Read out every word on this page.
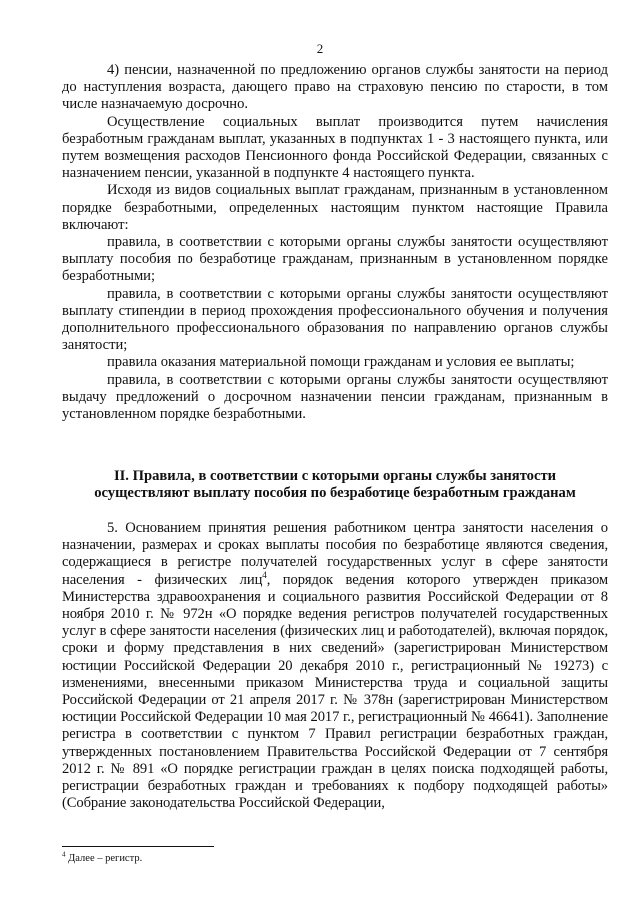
2

4) пенсии, назначенной по предложению органов службы занятости на период до наступления возраста, дающего право на страховую пенсию по старости, в том числе назначаемую досрочно.

Осуществление социальных выплат производится путем начисления безработным гражданам выплат, указанных в подпунктах 1 - 3 настоящего пункта, или путем возмещения расходов Пенсионного фонда Российской Федерации, связанных с назначением пенсии, указанной в подпункте 4 настоящего пункта.

Исходя из видов социальных выплат гражданам, признанным в установленном порядке безработными, определенных настоящим пунктом настоящие Правила включают:

правила, в соответствии с которыми органы службы занятости осуществляют выплату пособия по безработице гражданам, признанным в установленном порядке безработными;

правила, в соответствии с которыми органы службы занятости осуществляют выплату стипендии в период прохождения профессионального обучения и получения дополнительного профессионального образования по направлению органов службы занятости;

правила оказания материальной помощи гражданам и условия ее выплаты;

правила, в соответствии с которыми органы службы занятости осуществляют выдачу предложений о досрочном назначении пенсии гражданам, признанным в установленном порядке безработными.

II. Правила, в соответствии с которыми органы службы занятости
осуществляют выплату пособия по безработице безработным гражданам

5. Основанием принятия решения работником центра занятости населения о назначении, размерах и сроках выплаты пособия по безработице являются сведения, содержащиеся в регистре получателей государственных услуг в сфере занятости населения - физических лиц$^4$, порядок ведения которого утвержден приказом Министерства здравоохранения и социального развития Российской Федерации от 8 ноября 2010 г. № 972н «О порядке ведения регистров получателей государственных услуг в сфере занятости населения (физических лиц и работодателей), включая порядок, сроки и форму представления в них сведений» (зарегистрирован Министерством юстиции Российской Федерации 20 декабря 2010 г., регистрационный № 19273) с изменениями, внесенными приказом Министерства труда и социальной защиты Российской Федерации от 21 апреля 2017 г. № 378н (зарегистрирован Министерством юстиции Российской Федерации 10 мая 2017 г., регистрационный № 46641). Заполнение регистра в соответствии с пунктом 7 Правил регистрации безработных граждан, утвержденных постановлением Правительства Российской Федерации от 7 сентября 2012 г. № 891 «О порядке регистрации граждан в целях поиска подходящей работы, регистрации безработных граждан и требованиях к подбору подходящей работы» (Собрание законодательства Российской Федерации,

$^4$ Далее – регистр.
